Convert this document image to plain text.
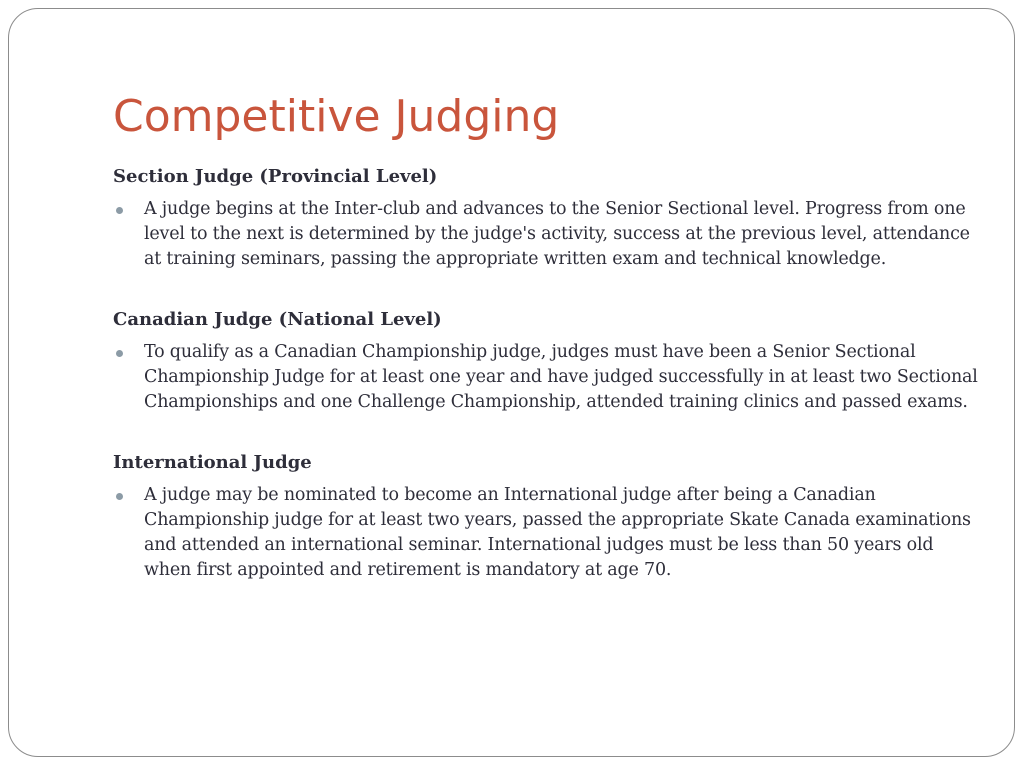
Competitive Judging
Section Judge (Provincial Level)
A judge begins at the Inter-club and advances to the Senior Sectional level. Progress from one level to the next is determined by the judge's activity, success at the previous level, attendance at training seminars, passing the appropriate written exam and technical knowledge.
Canadian Judge (National Level)
To qualify as a Canadian Championship judge, judges must have been a Senior Sectional Championship Judge for at least one year and have judged successfully in at least two Sectional Championships and one Challenge Championship, attended training clinics and passed exams.
International Judge
A judge may be nominated to become an International judge after being a Canadian Championship judge for at least two years, passed the appropriate Skate Canada examinations and attended an international seminar. International judges must be less than 50 years old when first appointed and retirement is mandatory at age 70.
